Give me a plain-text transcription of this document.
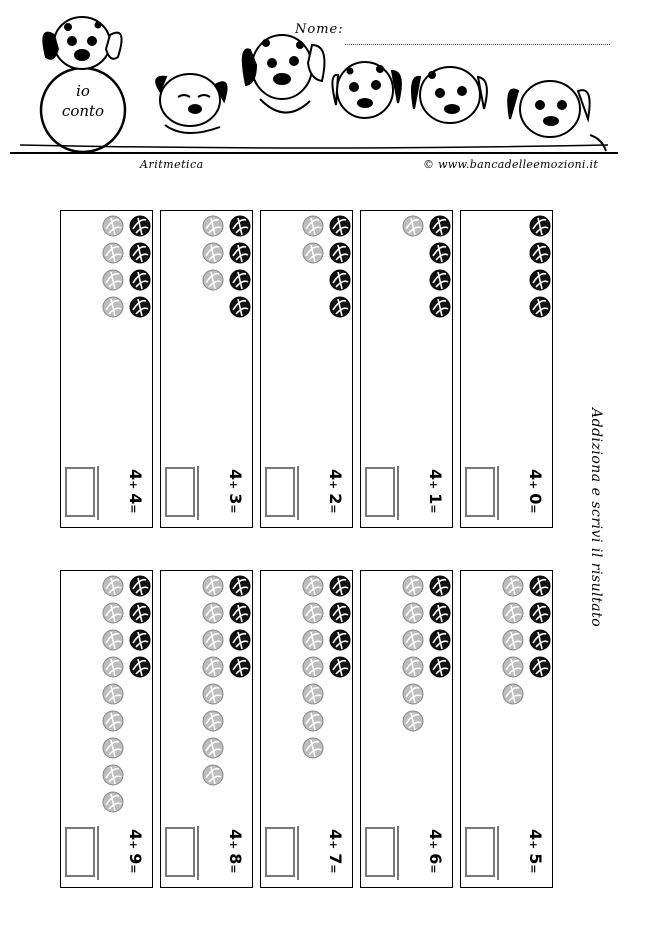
Nome:
io
conto
Aritmetica	© www.bancadelleemozioni.it
Addiziona e scrivi il risultato
4+ 0=
4+ 1=
4+ 2=
4+ 3=
4+ 4=
4+ 5=
4+ 6=
4+ 7=
4+ 8=
4+ 9=
